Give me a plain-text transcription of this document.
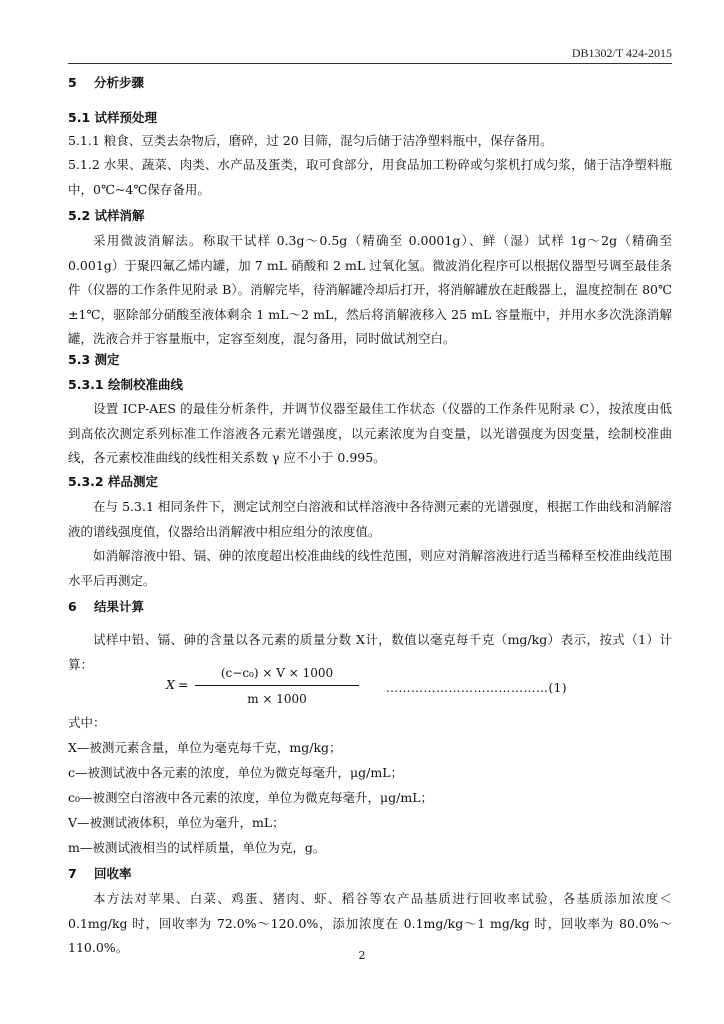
DB1302/T 424-2015
5 分析步骤
5.1 试样预处理
5.1.1 粮食、豆类去杂物后，磨碎，过 20 目筛，混匀后储于洁净塑料瓶中，保存备用。
5.1.2 水果、蔬菜、肉类、水产品及蛋类，取可食部分，用食品加工粉碎或匀浆机打成匀浆，储于洁净塑料瓶中，0℃~4℃保存备用。
5.2 试样消解
采用微波消解法。称取干试样 0.3g～0.5g（精确至 0.0001g）、鲜（湿）试样 1g～2g（精确至 0.001g）于聚四氟乙烯内罐，加 7 mL 硝酸和 2 mL 过氧化氢。微波消化程序可以根据仪器型号调至最佳条件（仪器的工作条件见附录 B）。消解完毕，待消解罐冷却后打开，将消解罐放在赶酸器上，温度控制在 80℃±1℃，驱除部分硝酸至液体剩余 1 mL～2 mL，然后将消解液移入 25 mL 容量瓶中，并用水多次洗涤消解罐，洗液合并于容量瓶中，定容至刻度，混匀备用，同时做试剂空白。
5.3 测定
5.3.1 绘制校准曲线
设置 ICP-AES 的最佳分析条件，并调节仪器至最佳工作状态（仪器的工作条件见附录 C），按浓度由低到高依次测定系列标准工作溶液各元素光谱强度，以元素浓度为自变量，以光谱强度为因变量，绘制校准曲线，各元素校准曲线的线性相关系数 γ 应不小于 0.995。
5.3.2 样品测定
在与 5.3.1 相同条件下，测定试剂空白溶液和试样溶液中各待测元素的光谱强度，根据工作曲线和消解溶液的谱线强度值，仪器给出消解液中相应组分的浓度值。
如消解溶液中铅、镉、砷的浓度超出校准曲线的线性范围，则应对消解溶液进行适当稀释至校准曲线范围水平后再测定。
6 结果计算
试样中铅、镉、砷的含量以各元素的质量分数 X计，数值以毫克每千克（mg/kg）表示，按式（1）计算：
X =
(c−c₀) × V × 1000
m × 1000
…………………………………(1)
式中：
X—被测元素含量，单位为毫克每千克，mg/kg；
c—被测试液中各元素的浓度，单位为微克每毫升，μg/mL；
c₀—被测空白溶液中各元素的浓度，单位为微克每毫升，μg/mL；
V—被测试液体积，单位为毫升，mL；
m—被测试液相当的试样质量，单位为克，g。
7 回收率
本方法对苹果、白菜、鸡蛋、猪肉、虾、稻谷等农产品基质进行回收率试验，各基质添加浓度＜0.1mg/kg 时，回收率为 72.0%～120.0%，添加浓度在 0.1mg/kg～1 mg/kg 时，回收率为 80.0%～110.0%。
2
